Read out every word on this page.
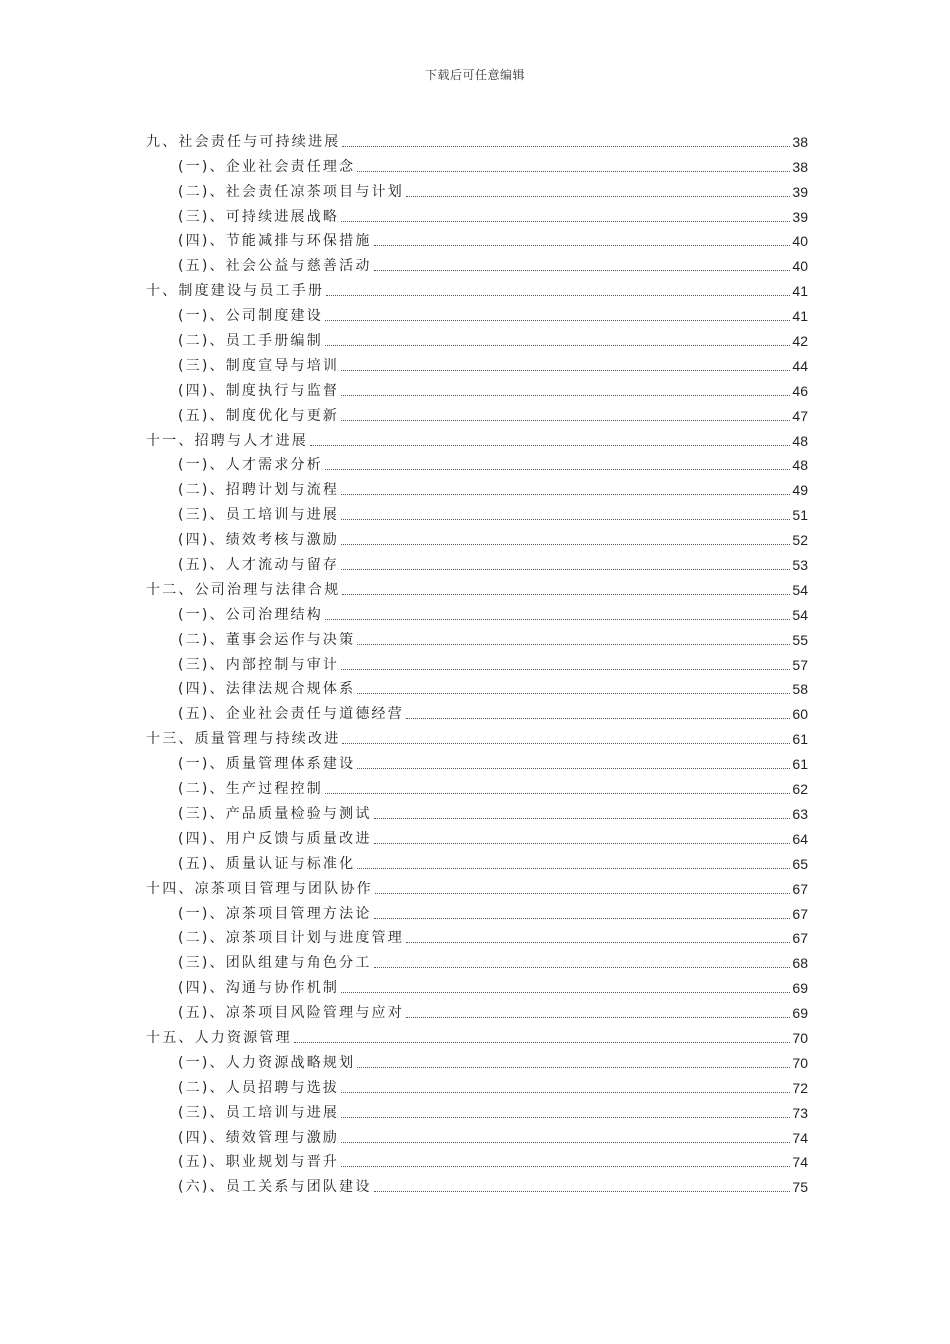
下载后可任意编辑
九、社会责任与可持续进展	38
(一)、企业社会责任理念	38
(二)、社会责任凉茶项目与计划	39
(三)、可持续进展战略	39
(四)、节能减排与环保措施	40
(五)、社会公益与慈善活动	40
十、制度建设与员工手册	41
(一)、公司制度建设	41
(二)、员工手册编制	42
(三)、制度宣导与培训	44
(四)、制度执行与监督	46
(五)、制度优化与更新	47
十一、招聘与人才进展	48
(一)、人才需求分析	48
(二)、招聘计划与流程	49
(三)、员工培训与进展	51
(四)、绩效考核与激励	52
(五)、人才流动与留存	53
十二、公司治理与法律合规	54
(一)、公司治理结构	54
(二)、董事会运作与决策	55
(三)、内部控制与审计	57
(四)、法律法规合规体系	58
(五)、企业社会责任与道德经营	60
十三、质量管理与持续改进	61
(一)、质量管理体系建设	61
(二)、生产过程控制	62
(三)、产品质量检验与测试	63
(四)、用户反馈与质量改进	64
(五)、质量认证与标准化	65
十四、凉茶项目管理与团队协作	67
(一)、凉茶项目管理方法论	67
(二)、凉茶项目计划与进度管理	67
(三)、团队组建与角色分工	68
(四)、沟通与协作机制	69
(五)、凉茶项目风险管理与应对	69
十五、人力资源管理	70
(一)、人力资源战略规划	70
(二)、人员招聘与选拔	72
(三)、员工培训与进展	73
(四)、绩效管理与激励	74
(五)、职业规划与晋升	74
(六)、员工关系与团队建设	75
